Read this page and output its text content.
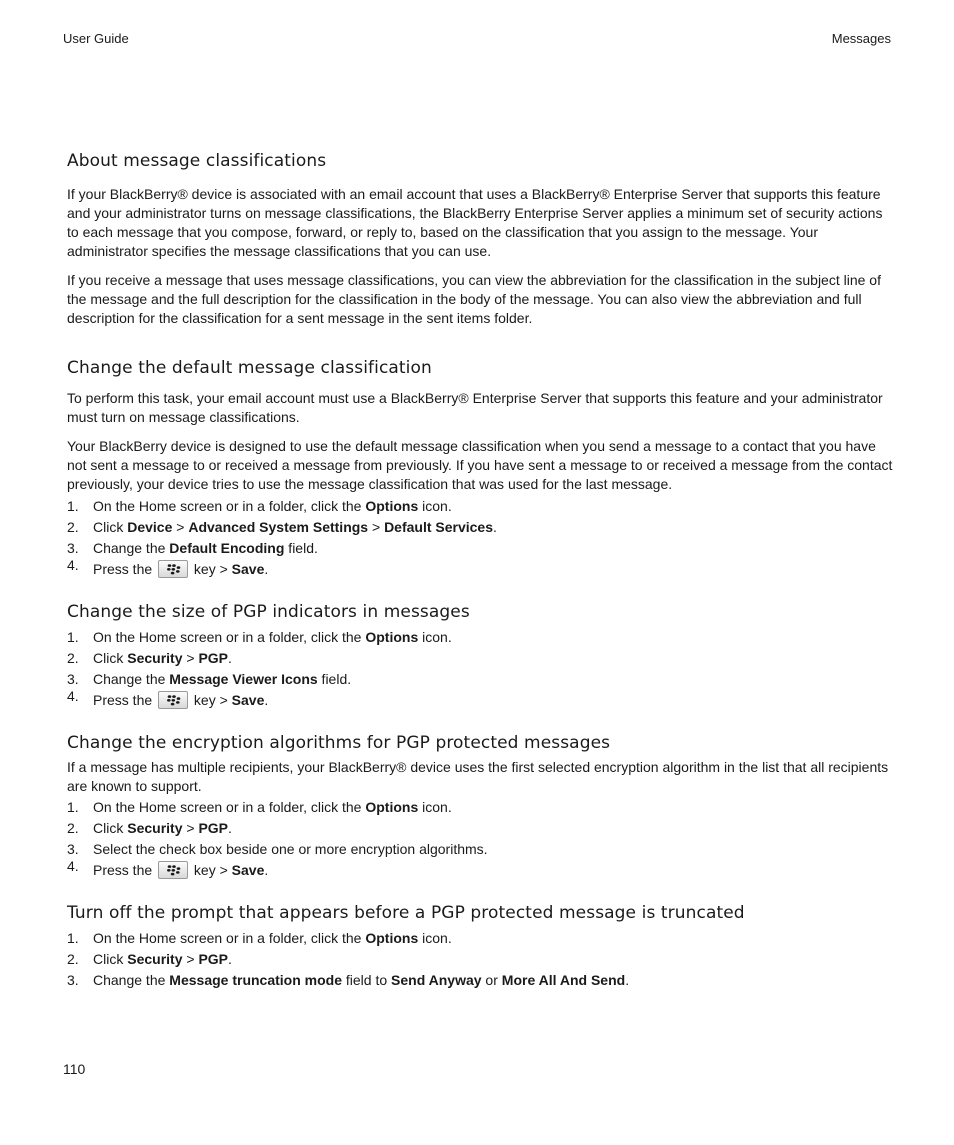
User Guide	Messages
About message classifications

If your BlackBerry® device is associated with an email account that uses a BlackBerry® Enterprise Server that supports this feature and your administrator turns on message classifications, the BlackBerry Enterprise Server applies a minimum set of security actions to each message that you compose, forward, or reply to, based on the classification that you assign to the message. Your administrator specifies the message classifications that you can use.

If you receive a message that uses message classifications, you can view the abbreviation for the classification in the subject line of the message and the full description for the classification in the body of the message. You can also view the abbreviation and full description for the classification for a sent message in the sent items folder.

Change the default message classification

To perform this task, your email account must use a BlackBerry® Enterprise Server that supports this feature and your administrator must turn on message classifications.

Your BlackBerry device is designed to use the default message classification when you send a message to a contact that you have not sent a message to or received a message from previously. If you have sent a message to or received a message from the contact previously, your device tries to use the message classification that was used for the last message.

1. On the Home screen or in a folder, click the Options icon.
2. Click Device > Advanced System Settings > Default Services.
3. Change the Default Encoding field.
4. Press the
key > Save.
Change the size of PGP indicators in messages
1. On the Home screen or in a folder, click the Options icon.
2. Click Security > PGP.
3. Change the Message Viewer Icons field.
4. Press the
key > Save.
Change the encryption algorithms for PGP protected messages

If a message has multiple recipients, your BlackBerry® device uses the first selected encryption algorithm in the list that all recipients are known to support.

1. On the Home screen or in a folder, click the Options icon.
2. Click Security > PGP.
3. Select the check box beside one or more encryption algorithms.
4. Press the
key > Save.
Turn off the prompt that appears before a PGP protected message is truncated
1. On the Home screen or in a folder, click the Options icon.
2. Click Security > PGP.
3. Change the Message truncation mode field to Send Anyway or More All And Send.
110
